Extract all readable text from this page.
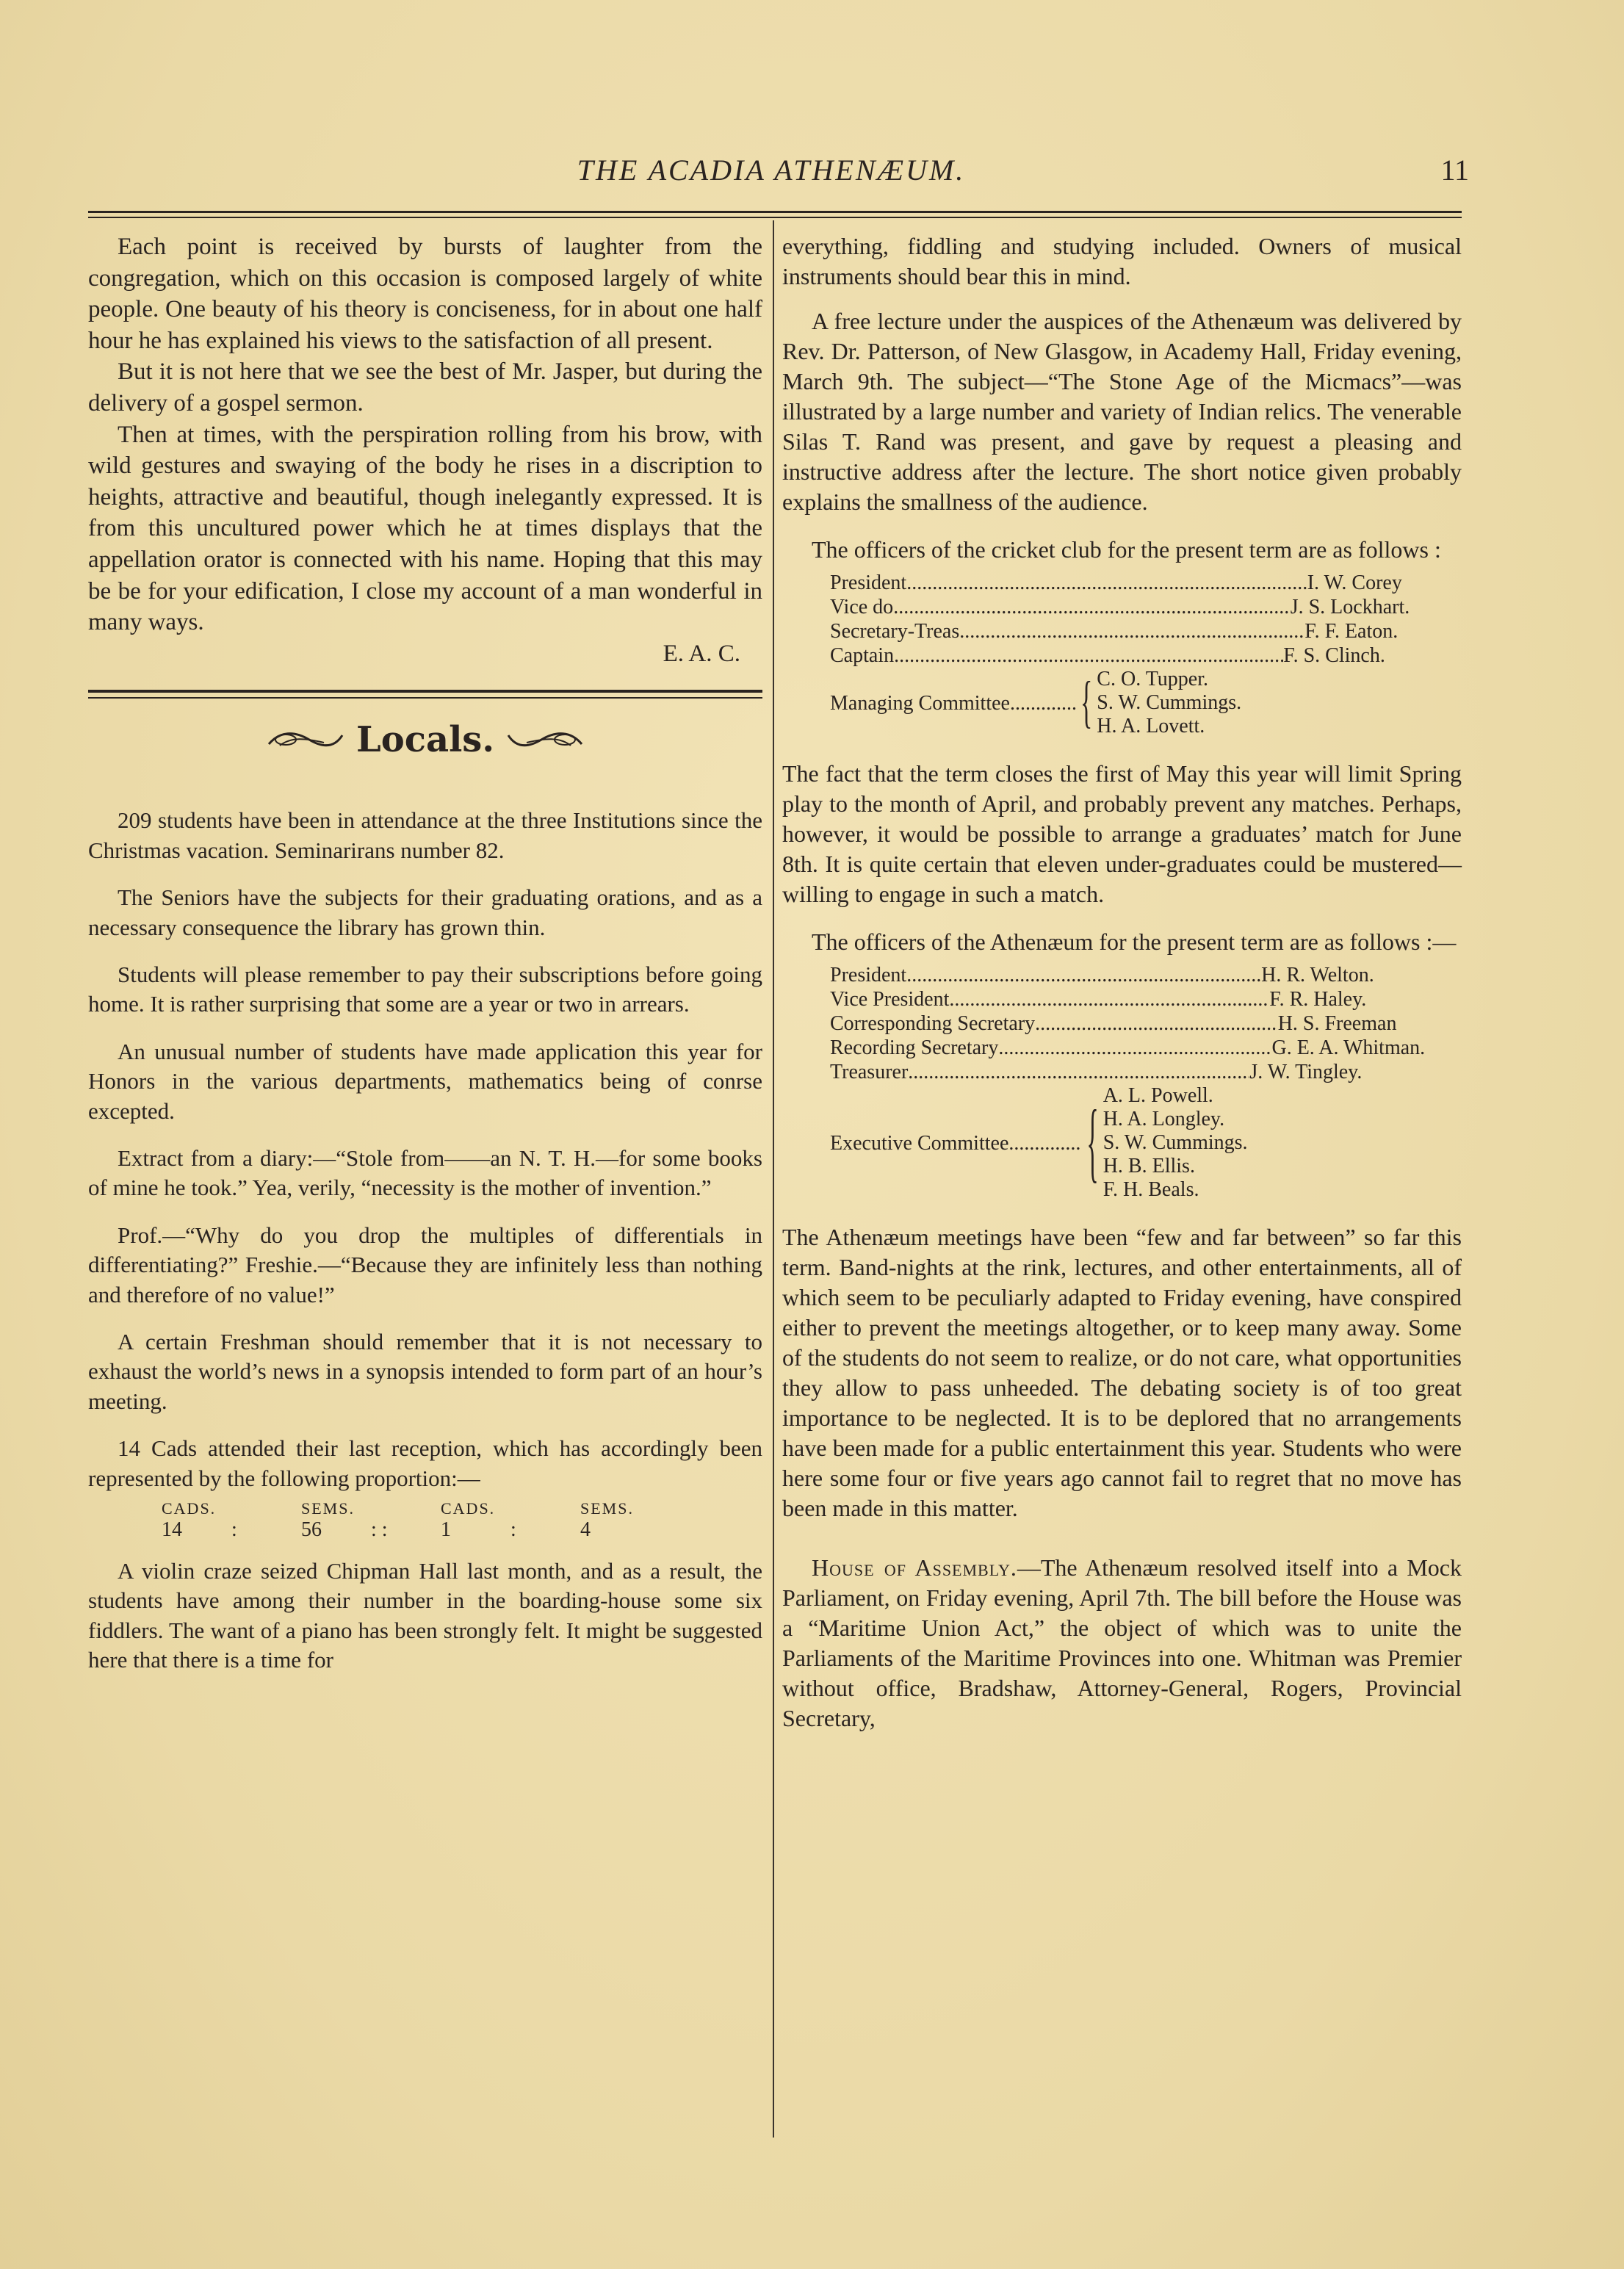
THE ACADIA ATHENÆUM.	11

Each point is received by bursts of laughter from the congregation, which on this occasion is composed largely of white people. One beauty of his theory is conciseness, for in about one half hour he has explained his views to the satisfaction of all present.

But it is not here that we see the best of Mr. Jasper, but during the delivery of a gospel sermon.

Then at times, with the perspiration rolling from his brow, with wild gestures and swaying of the body he rises in a discription to heights, attractive and beautiful, though inelegantly expressed. It is from this uncultured power which he at times displays that the appellation orator is connected with his name. Hoping that this may be be for your edification, I close my account of a man wonderful in many ways.

E. A. C.
Locals.

209 students have been in attendance at the three Institutions since the Christmas vacation. Seminarirans number 82.

The Seniors have the subjects for their graduating orations, and as a necessary consequence the library has grown thin.

Students will please remember to pay their subscriptions before going home. It is rather surprising that some are a year or two in arrears.

An unusual number of students have made application this year for Honors in the various departments, mathematics being of conrse excepted.

Extract from a diary:—“Stole from——an N. T. H.—for some books of mine he took.” Yea, verily, “necessity is the mother of invention.”

Prof.—“Why do you drop the multiples of differentials in differentiating?” Freshie.—“Because they are infinitely less than nothing and therefore of no value!”

A certain Freshman should remember that it is not necessary to exhaust the world’s news in a synopsis intended to form part of an hour’s meeting.

14 Cads attended their last reception, which has accordingly been represented by the following proportion:—

CADS.	SEMS.	CADS.	SEMS.
14	:	56	: :	1	:	4

A violin craze seized Chipman Hall last month, and as a result, the students have among their number in the boarding-house some six fiddlers. The want of a piano has been strongly felt. It might be suggested here that there is a time for

everything, fiddling and studying included. Owners of musical instruments should bear this in mind.

A free lecture under the auspices of the Athenæum was delivered by Rev. Dr. Patterson, of New Glasgow, in Academy Hall, Friday evening, March 9th. The subject—“The Stone Age of the Micmacs”—was illustrated by a large number and variety of Indian relics. The venerable Silas T. Rand was present, and gave by request a pleasing and instructive address after the lecture. The short notice given probably explains the smallness of the audience.

The officers of the cricket club for the present term are as follows :

President .....	I. W. Corey
Vice do .....	J. S. Lockhart.
Secretary-Treas .....	F. F. Eaton.
Captain .....	F. S. Clinch.
Managing Committee .....	{ C. O. Tupper.
S. W. Cummings.
H. A. Lovett.

The fact that the term closes the first of May this year will limit Spring play to the month of April, and probably prevent any matches. Perhaps, however, it would be possible to arrange a graduates’ match for June 8th. It is quite certain that eleven under-graduates could be mustered—willing to engage in such a match.

The officers of the Athenæum for the present term are as follows :—

President .....	H. R. Welton.
Vice President .....	F. R. Haley.
Corresponding Secretary .....	H. S. Freeman
Recording Secretary .....	G. E. A. Whitman.
Treasurer .....	J. W. Tingley.
Executive Committee .....	{ A. L. Powell.
H. A. Longley.
S. W. Cummings.
H. B. Ellis.
F. H. Beals.

The Athenæum meetings have been “few and far between” so far this term. Band-nights at the rink, lectures, and other entertainments, all of which seem to be peculiarly adapted to Friday evening, have conspired either to prevent the meetings altogether, or to keep many away. Some of the students do not seem to realize, or do not care, what opportunities they allow to pass unheeded. The debating society is of too great importance to be neglected. It is to be deplored that no arrangements have been made for a public entertainment this year. Students who were here some four or five years ago cannot fail to regret that no move has been made in this matter.

House of Assembly.—The Athenæum resolved itself into a Mock Parliament, on Friday evening, April 7th. The bill before the House was a “Maritime Union Act,” the object of which was to unite the Parliaments of the Maritime Provinces into one. Whitman was Premier without office, Bradshaw, Attorney-General, Rogers, Provincial Secretary,
